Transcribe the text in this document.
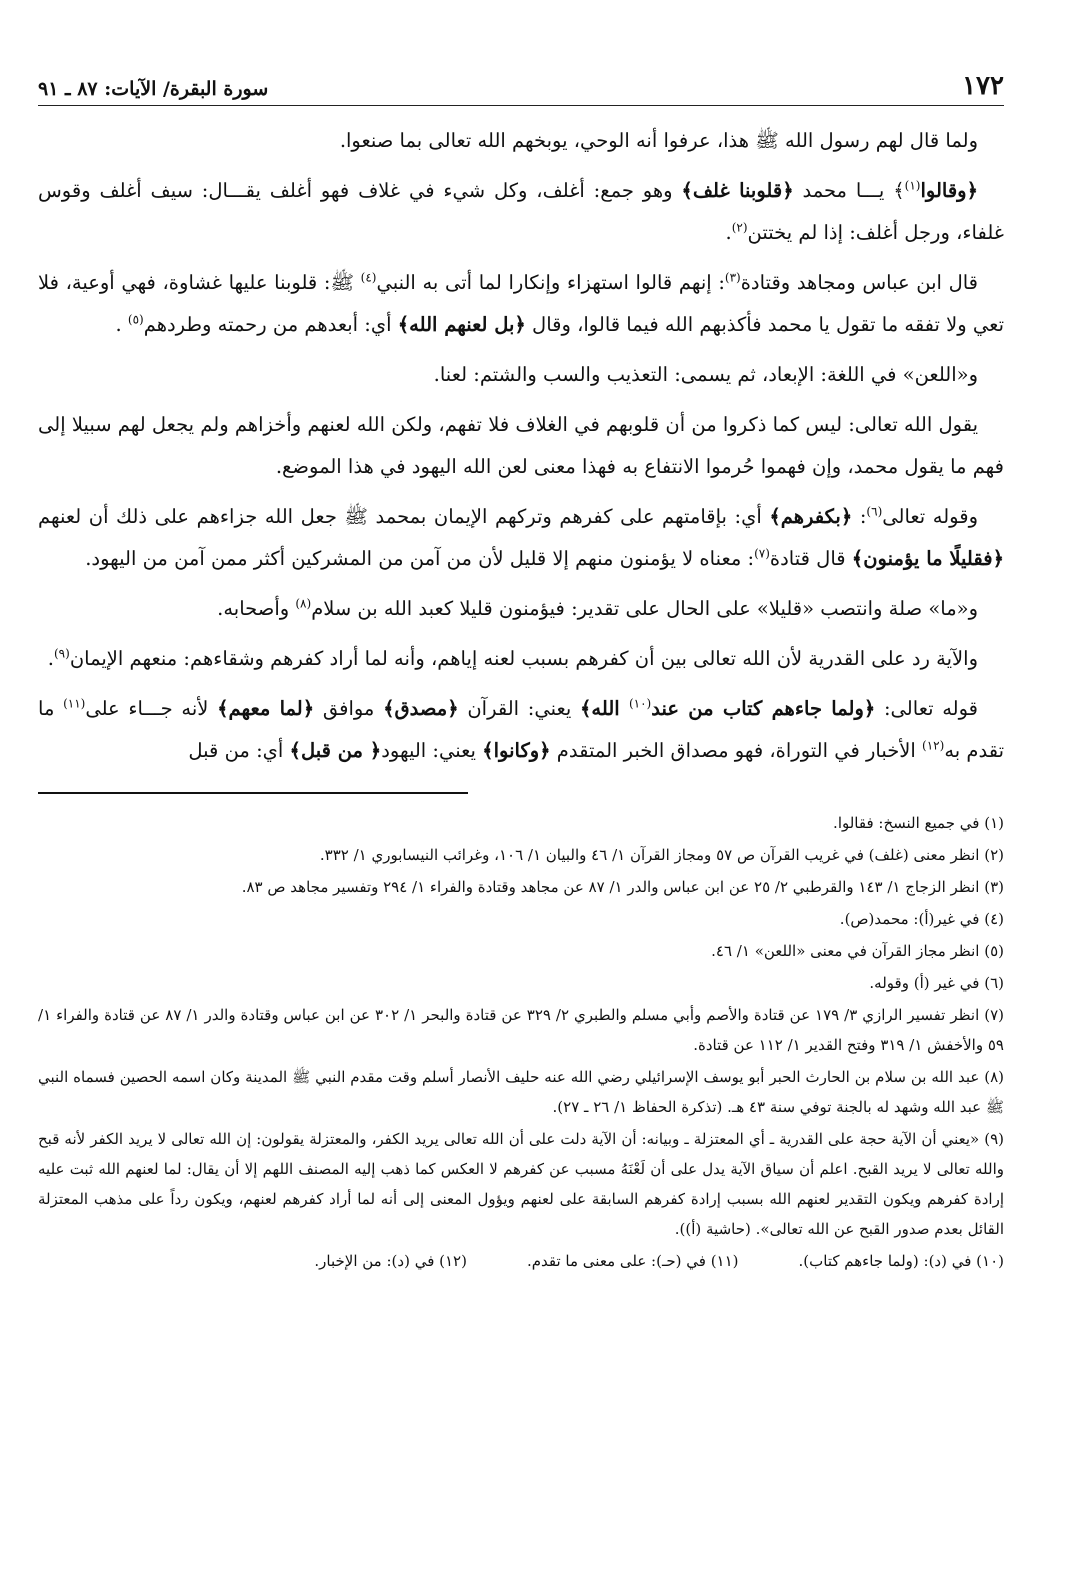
١٧٢
سورة البقرة/ الآيات: ٨٧ ـ ٩١

ولما قال لهم رسول الله ﷺ هذا، عرفوا أنه الوحي، يوبخهم الله تعالى بما صنعوا.

﴿وقالوا$^{(١)}$﴾ يـــا محمد ﴿قلوبنا غلف﴾ وهو جمع: أغلف، وكل شيء في غلاف فهو أغلف يقـــال: سيف أغلف وقوس غلفاء، ورجل أغلف: إذا لم يختتن$^{(٢)}$.

قال ابن عباس ومجاهد وقتادة$^{(٣)}$: إنهم قالوا استهزاء وإنكارا لما أتى به النبي$^{(٤)}$ ﷺ: قلوبنا عليها غشاوة، فهي أوعية، فلا تعي ولا تفقه ما تقول يا محمد فأكذبهم الله فيما قالوا، وقال ﴿بل لعنهم الله﴾ أي: أبعدهم من رحمته وطردهم$^{(٥)}$ .

و«اللعن» في اللغة: الإبعاد، ثم يسمى: التعذيب والسب والشتم: لعنا.

يقول الله تعالى: ليس كما ذكروا من أن قلوبهم في الغلاف فلا تفهم، ولكن الله لعنهم وأخزاهم ولم يجعل لهم سبيلا إلى فهم ما يقول محمد، وإن فهموا حُرموا الانتفاع به فهذا معنى لعن الله اليهود في هذا الموضع.

وقوله تعالى$^{(٦)}$: ﴿بكفرهم﴾ أي: بإقامتهم على كفرهم وتركهم الإيمان بمحمد ﷺ جعل الله جزاءهم على ذلك أن لعنهم ﴿فقليلًا ما يؤمنون﴾ قال قتادة$^{(٧)}$: معناه لا يؤمنون منهم إلا قليل لأن من آمن من المشركين أكثر ممن آمن من اليهود.

و«ما» صلة وانتصب «قليلا» على الحال على تقدير: فيؤمنون قليلا كعبد الله بن سلام$^{(٨)}$ وأصحابه.

والآية رد على القدرية لأن الله تعالى بين أن كفرهم بسبب لعنه إياهم، وأنه لما أراد كفرهم وشقاءهم: منعهم الإيمان$^{(٩)}$.

قوله تعالى: ﴿ولما جاءهم كتاب من عند$^{(١٠)}$ الله﴾ يعني: القرآن ﴿مصدق﴾ موافق ﴿لما معهم﴾ لأنه جـــاء على$^{(١١)}$ ما تقدم به$^{(١٢)}$ الأخبار في التوراة، فهو مصداق الخبر المتقدم ﴿وكانوا﴾ يعني: اليهود﴿ من قبل﴾ أي: من قبل

(١) في جميع النسخ: فقالوا.
(٢) انظر معنى (غلف) في غريب القرآن ص ٥٧ ومجاز القرآن ١/ ٤٦ والبيان ١/ ١٠٦، وغرائب النيسابوري ١/ ٣٣٢.
(٣) انظر الزجاج ١/ ١٤٣ والقرطبي ٢/ ٢٥ عن ابن عباس والدر ١/ ٨٧ عن مجاهد وقتادة والفراء ١/ ٢٩٤ وتفسير مجاهد ص ٨٣.
(٤) في غير(أ): محمد(ص).
(٥) انظر مجاز القرآن في معنى «اللعن» ١/ ٤٦.
(٦) في غير (أ) وقوله.
(٧) انظر تفسير الرازي ٣/ ١٧٩ عن قتادة والأصم وأبي مسلم والطبري ٢/ ٣٢٩ عن قتادة والبحر ١/ ٣٠٢ عن ابن عباس وقتادة والدر ١/ ٨٧ عن قتادة والفراء ١/ ٥٩ والأخفش ١/ ٣١٩ وفتح القدير ١/ ١١٢ عن قتادة.
(٨) عبد الله بن سلام بن الحارث الحبر أبو يوسف الإسرائيلي رضي الله عنه حليف الأنصار أسلم وقت مقدم النبي ﷺ المدينة وكان اسمه الحصين فسماه النبي ﷺ عبد الله وشهد له بالجنة توفي سنة ٤٣ هـ. (تذكرة الحفاظ ١/ ٢٦ ـ ٢٧).
(٩) «يعني أن الآية حجة على القدرية ـ أي المعتزلة ـ وبيانه: أن الآية دلت على أن الله تعالى يريد الكفر، والمعتزلة يقولون: إن الله تعالى لا يريد الكفر لأنه قبح والله تعالى لا يريد القبح. اعلم أن سياق الآية يدل على أن لَعْنَهُ مسبب عن كفرهم لا العكس كما ذهب إليه المصنف اللهم إلا أن يقال: لما لعنهم الله ثبت عليه إرادة كفرهم ويكون التقدير لعنهم الله بسبب إرادة كفرهم السابقة على لعنهم ويؤول المعنى إلى أنه لما أراد كفرهم لعنهم، ويكون رداً على مذهب المعتزلة القائل بعدم صدور القبح عن الله تعالى». (حاشية (أ)).
(١٠) في (د): (ولما جاءهم كتاب).
(١١) في (حـ): على معنى ما تقدم.
(١٢) في (د): من الإخبار.
